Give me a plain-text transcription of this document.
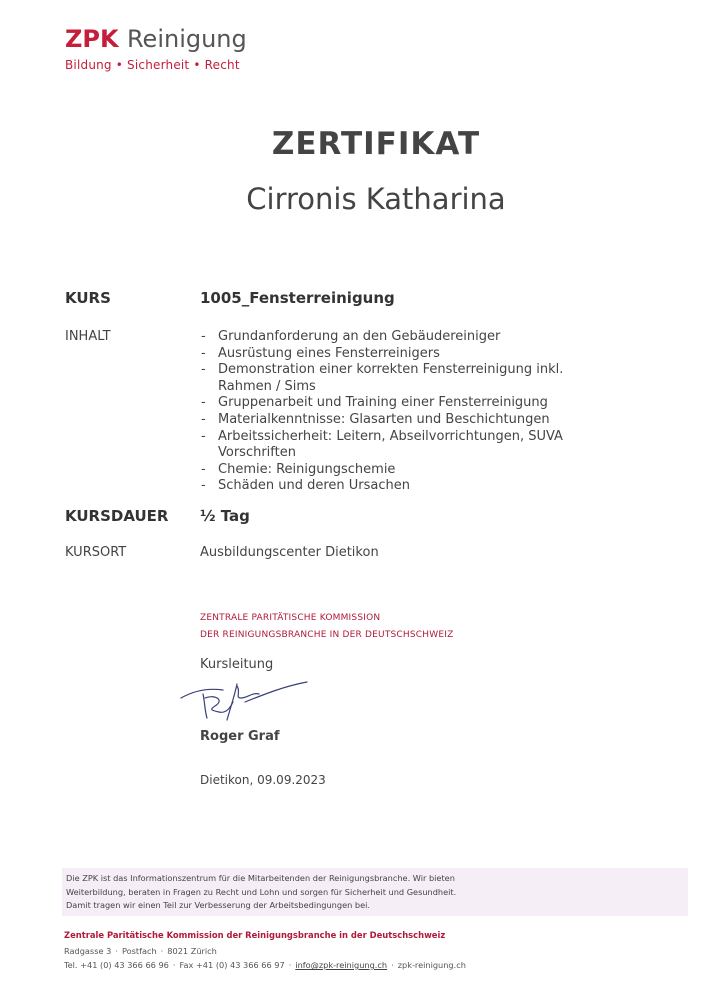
ZPK Reinigung
Bildung • Sicherheit • Recht
ZERTIFIKAT
Cirronis Katharina
KURS	1005_Fensterreinigung
INHALT
-	Grundanforderung an den Gebäudereiniger
- Ausrüstung eines Fensterreinigers
- Demonstration einer korrekten Fensterreinigung inkl. Rahmen / Sims
- Gruppenarbeit und Training einer Fensterreinigung
- Materialkenntnisse: Glasarten und Beschichtungen
- Arbeitssicherheit: Leitern, Abseilvorrichtungen, SUVA Vorschriften
- Chemie: Reinigungschemie
- Schäden und deren Ursachen
KURSDAUER ½ Tag
KURSORT	Ausbildungscenter Dietikon
ZENTRALE PARITÄTISCHE KOMMISSION
DER REINIGUNGSBRANCHE IN DER DEUTSCHSCHWEIZ
Kursleitung
Roger Graf
Dietikon, 09.09.2023
Die ZPK ist das Informationszentrum für die Mitarbeitenden der Reinigungsbranche. Wir bieten
Weiterbildung, beraten in Fragen zu Recht und Lohn und sorgen für Sicherheit und Gesundheit.
Damit tragen wir einen Teil zur Verbesserung der Arbeitsbedingungen bei.
Zentrale Paritätische Kommission der Reinigungsbranche in der Deutschschweiz
Radgasse 3 · Postfach · 8021 Zürich
Tel. +41 (0) 43 366 66 96 · Fax +41 (0) 43 366 66 97 · info@zpk-reinigung.ch · zpk-reinigung.ch
